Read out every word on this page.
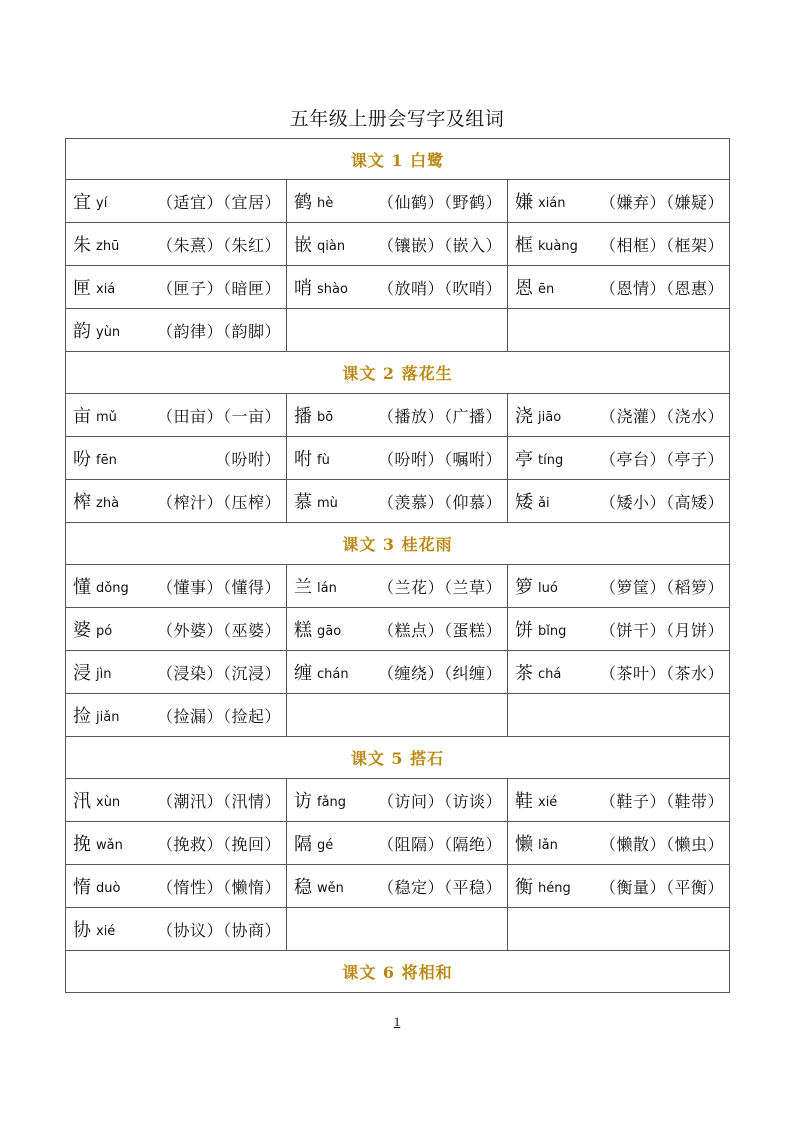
五年级上册会写字及组词
课文 1 白鹭
宜 yí	（适宜）（宜居） 鹤 hè	（仙鹤）（野鹤） 嫌 xián （嫌弃）（嫌疑）
朱 zhū （朱熹）（朱红） 嵌 qiàn （镶嵌）（嵌入） 框 kuàng （相框）（框架）
匣 xiá	（匣子）（暗匣） 哨 shào （放哨）（吹哨） 恩 ēn	（恩情）（恩惠）
韵 yùn （韵律）（韵脚）
课文 2 落花生
亩 mǔ	（田亩）（一亩） 播 bō	（播放）（广播） 浇 jiāo （浇灌）（浇水）
吩 fēn	（吩咐） 咐 fù	（吩咐）（嘱咐） 亭 tíng （亭台）（亭子）
榨 zhà （榨汁）（压榨） 慕 mù	（羡慕）（仰慕） 矮 ǎi	（矮小）（高矮）
课文 3 桂花雨
懂 dǒng （懂事）（懂得） 兰 lán	（兰花）（兰草） 箩 luó	（箩筐）（稻箩）
婆 pó	（外婆）（巫婆） 糕 gāo （糕点）（蛋糕） 饼 bǐng （饼干）（月饼）
浸 jìn	（浸染）（沉浸） 缠 chán （缠绕）（纠缠） 茶 chá （茶叶）（茶水）
捡 jiǎn （捡漏）（捡起）
课文 5 搭石
汛 xùn （潮汛）（汛情） 访 fǎng （访问）（访谈） 鞋 xié	（鞋子）（鞋带）
挽 wǎn （挽救）（挽回） 隔 gé	（阻隔）（隔绝） 懒 lǎn	（懒散）（懒虫）
惰 duò （惰性）（懒惰） 稳 wěn （稳定）（平稳） 衡 héng （衡量）（平衡）
协 xié	（协议）（协商）
课文 6 将相和
1
